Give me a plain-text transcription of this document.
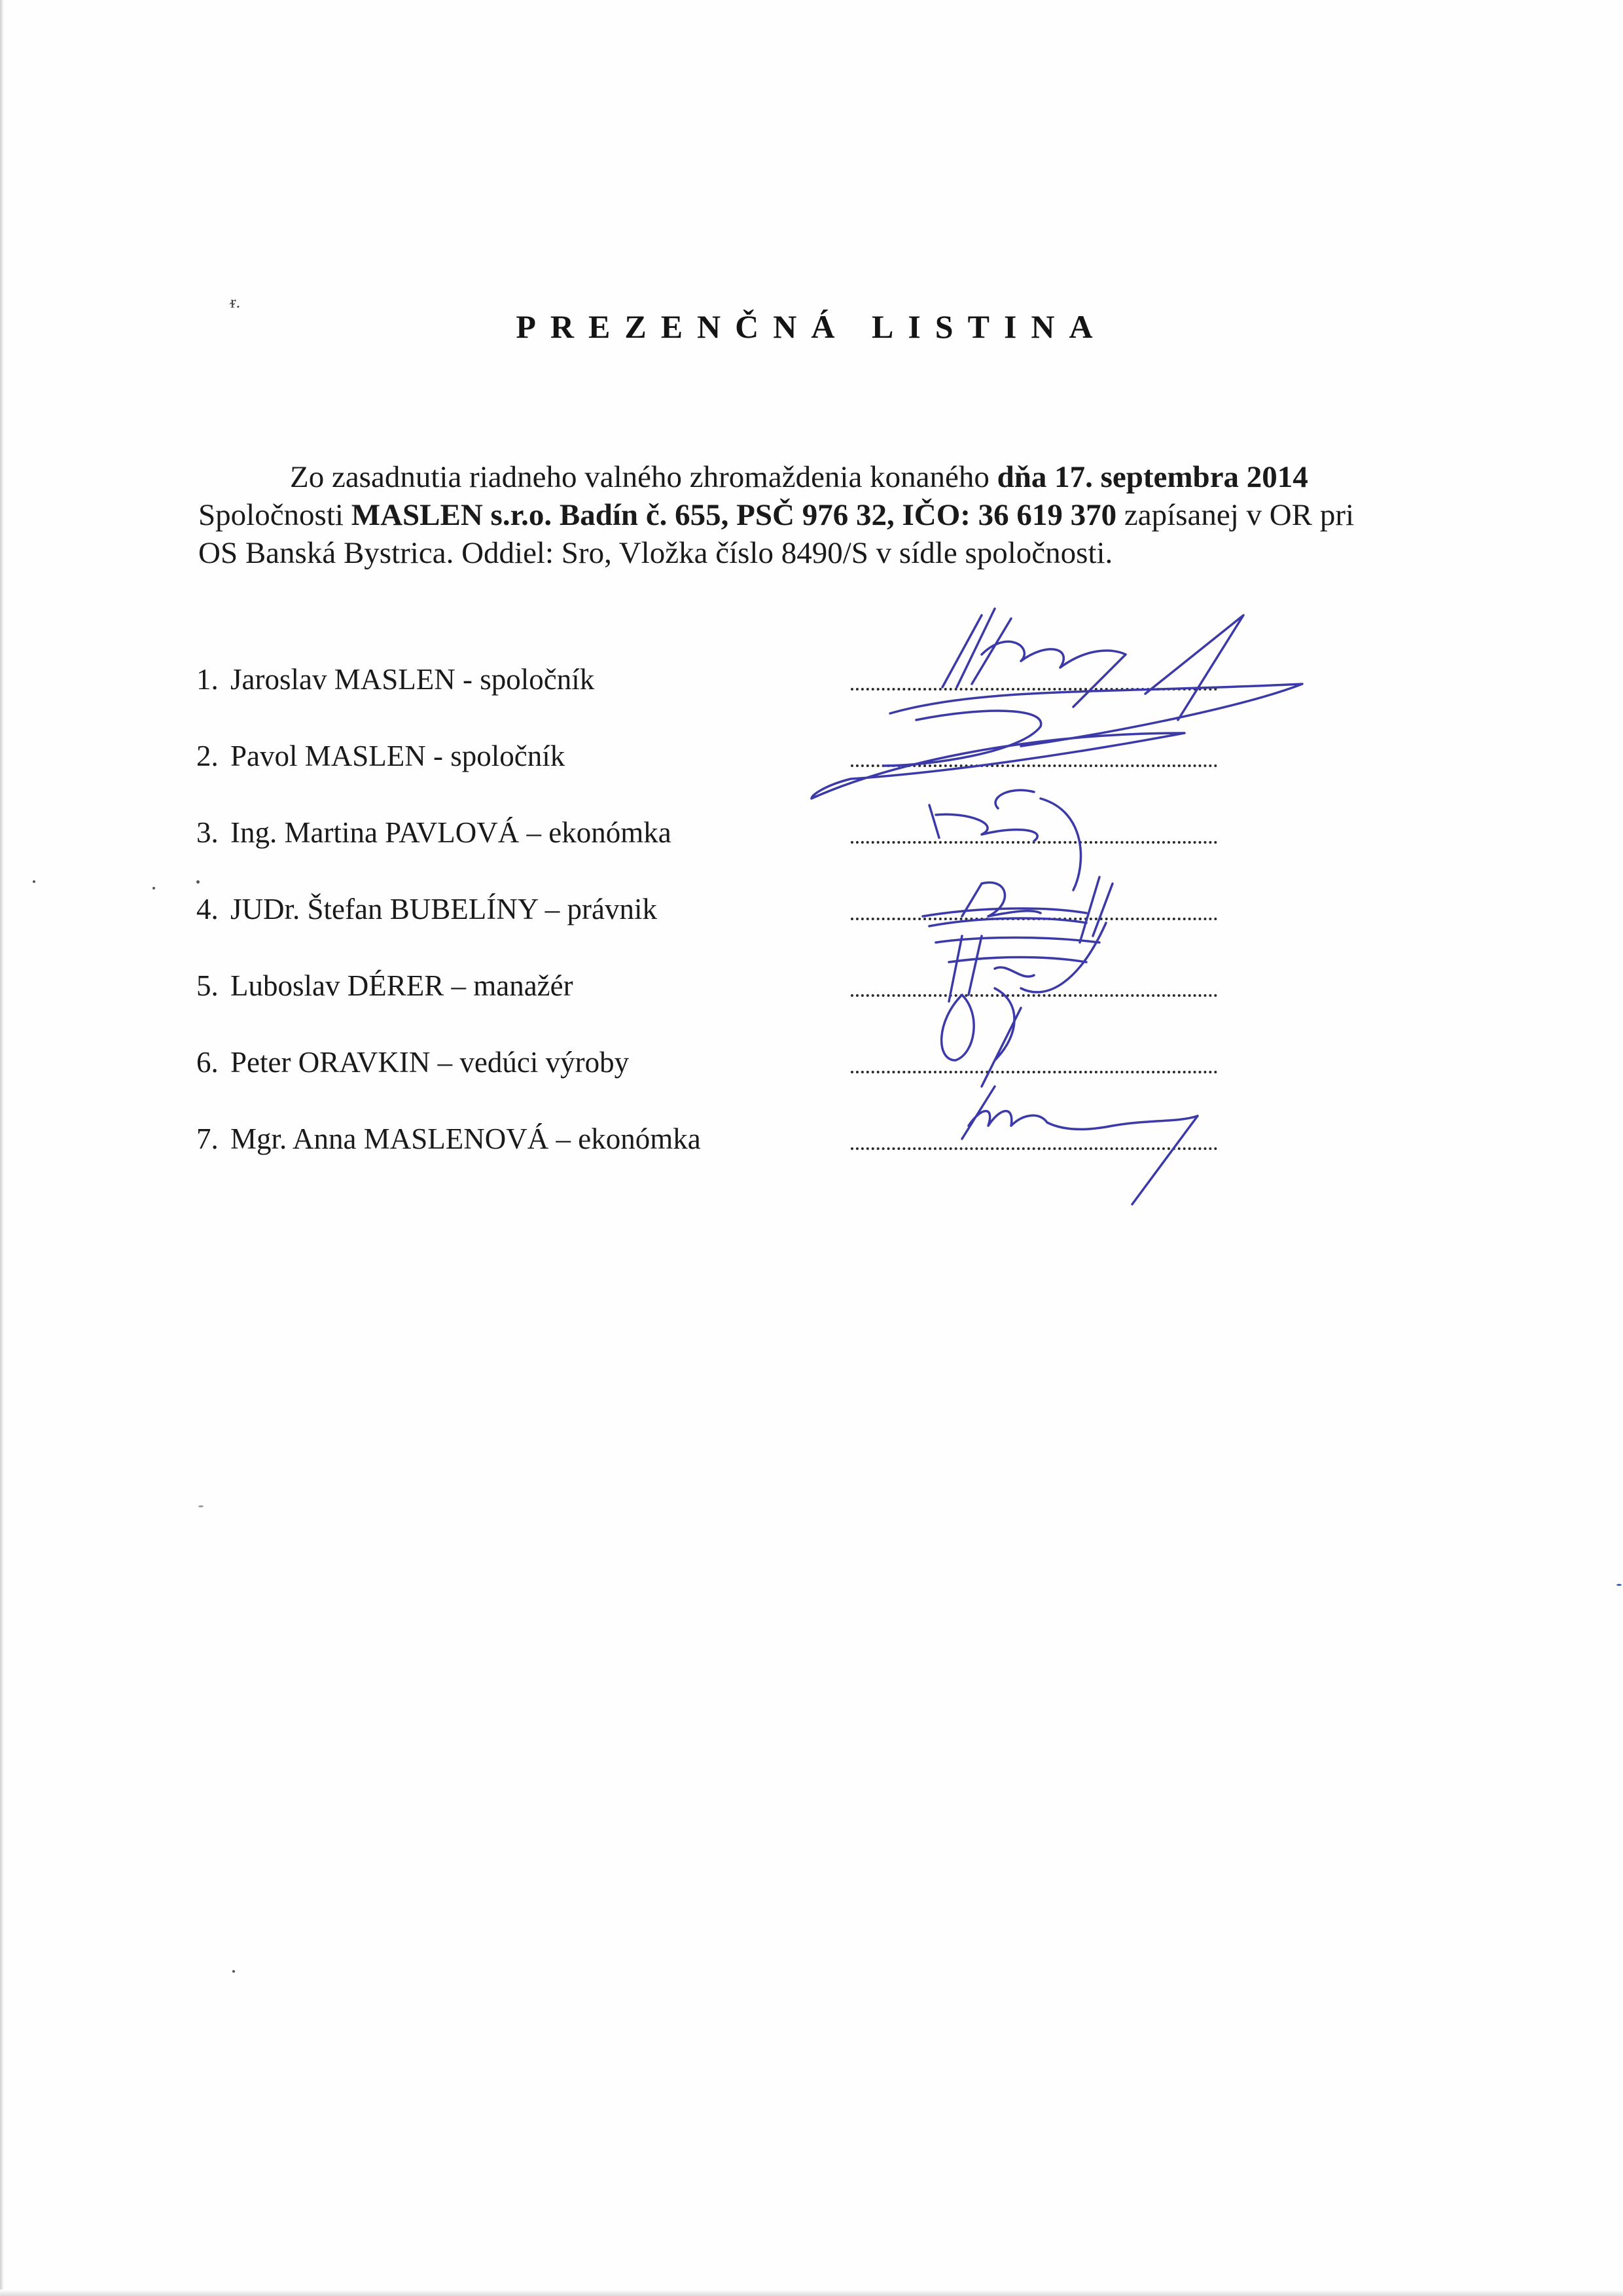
ᵲ.
PREZENČNÁ LISTINA
Zo zasadnutia riadneho valného zhromaždenia konaného dňa 17. septembra 2014
Spoločnosti MASLEN s.r.o. Badín č. 655, PSČ 976 32, IČO: 36 619 370 zapísanej v OR pri
OS Banská Bystrica. Oddiel: Sro, Vložka číslo 8490/S v sídle spoločnosti.
1. Jaroslav MASLEN - spoločník
2. Pavol MASLEN - spoločník
3. Ing. Martina PAVLOVÁ – ekonómka
4. JUDr. Štefan BUBELÍNY – právnik
5. Luboslav DÉRER – manažér
6. Peter ORAVKIN – vedúci výroby
7. Mgr. Anna MASLENOVÁ – ekonómka
